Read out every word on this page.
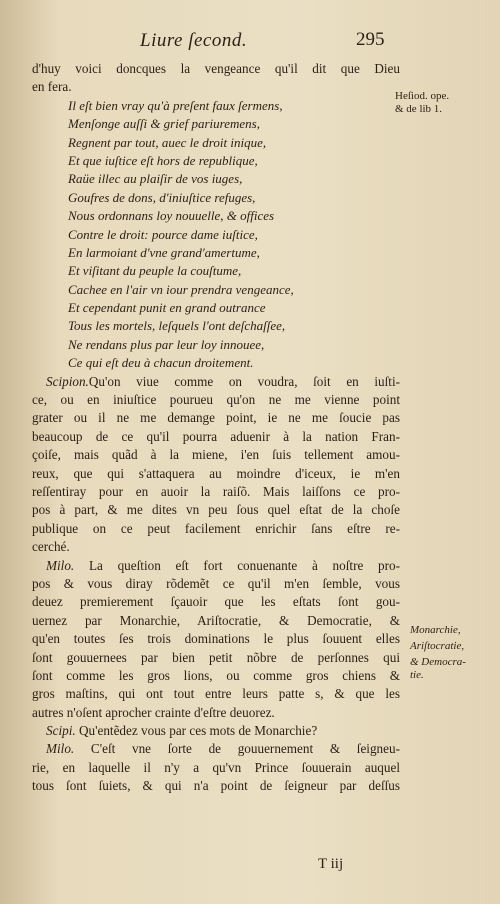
Liure ſecond.	295
Heſiod. ope.
& de lib 1.
Monarchie,
Ariſtocratie,
& Democra-
tie.
d'huy voici doncques la vengeance qu'il dit que Dieu
en fera.
Il eſt bien vray qu'à preſent faux ſermens,
Menſonge auſſi & grief pariuremens,
Regnent par tout, auec le droit inique,
Et que iuſtice eſt hors de republique,
Raüe illec au plaiſir de vos iuges,
Goufres de dons, d'iniuſtice refuges,
Nous ordonnans loy nouuelle, & offices
Contre le droit: pource dame iuſtice,
En larmoiant d'vne grand'amertume,
Et viſitant du peuple la couſtume,
Cachee en l'air vn iour prendra vengeance,
Et cependant punit en grand outrance
Tous les mortels, leſquels l'ont deſchaſſee,
Ne rendans plus par leur loy innouee,
Ce qui eſt deu à chacun droitement.
Scipion.Qu'on viue comme on voudra, ſoit en iuſti-
ce, ou en iniuſtice pourueu qu'on ne me vienne point
grater ou il ne me demange point, ie ne me ſoucie pas
beaucoup de ce qu'il pourra aduenir à la nation Fran-
çoiſe, mais quãd à la miene, i'en ſuis tellement amou-
reux, que qui s'attaquera au moindre d'iceux, ie m'en
reſſentiray pour en auoir la raiſõ. Mais laiſſons ce pro-
pos à part, & me dites vn peu ſous quel eſtat de la choſe
publique on ce peut facilement enrichir ſans eſtre re-
cerché.
Milo. La queſtion eſt fort conuenante à noſtre pro-
pos & vous diray rõdemẽt ce qu'il m'en ſemble, vous
deuez premierement ſçauoir que les eſtats ſont gou-
uernez par Monarchie, Ariſtocratie, & Democratie, &
qu'en toutes ſes trois dominations le plus ſouuent elles
ſont gouuernees par bien petit nõbre de perſonnes qui
ſont comme les gros lions, ou comme gros chiens &
gros maſtins, qui ont tout entre leurs patte s, & que les
autres n'oſent aprocher crainte d'eſtre deuorez.
Scipi. Qu'entẽdez vous par ces mots de Monarchie?
Milo. C'eſt vne ſorte de gouuernement & ſeigneu-
rie, en laquelle il n'y a qu'vn Prince ſouuerain auquel
tous ſont ſuiets, & qui n'a point de ſeigneur par deſſus
T iij
